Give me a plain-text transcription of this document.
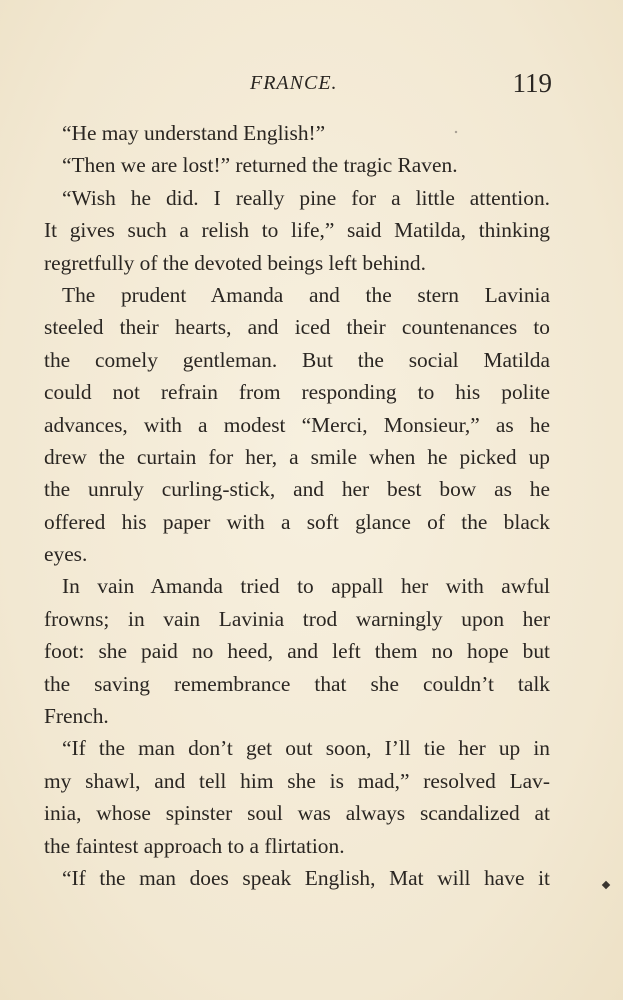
FRANCE.	119
“He may understand English!”
“Then we are lost!” returned the tragic Raven.
“Wish he did. I really pine for a little attention.
It gives such a relish to life,” said Matilda, thinking
regretfully of the devoted beings left behind.
The prudent Amanda and the stern Lavinia
steeled their hearts, and iced their countenances to
the comely gentleman. But the social Matilda
could not refrain from responding to his polite
advances, with a modest “Merci, Monsieur,” as he
drew the curtain for her, a smile when he picked up
the unruly curling-stick, and her best bow as he
offered his paper with a soft glance of the black
eyes.
In vain Amanda tried to appall her with awful
frowns; in vain Lavinia trod warningly upon her
foot: she paid no heed, and left them no hope but
the saving remembrance that she couldn’t talk
French.
“If the man don’t get out soon, I’ll tie her up in
my shawl, and tell him she is mad,” resolved Lav-
inia, whose spinster soul was always scandalized at
the faintest approach to a flirtation.
“If the man does speak English, Mat will have it
